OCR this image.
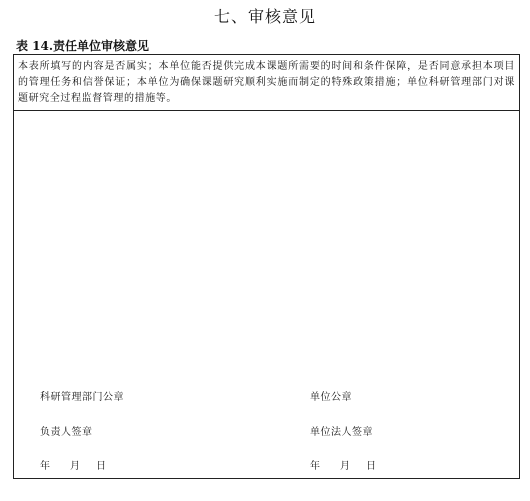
七、审核意见
表 14.责任单位审核意见
本表所填写的内容是否属实；本单位能否提供完成本课题所需要的时间和条件保障，是否同意承担本项目的管理任务和信誉保证；本单位为确保课题研究顺利实施而制定的特殊政策措施；单位科研管理部门对课题研究全过程监督管理的措施等。
科研管理部门公章	单位公章
负责人签章	单位法人签章
年 月 日	年 月 日
